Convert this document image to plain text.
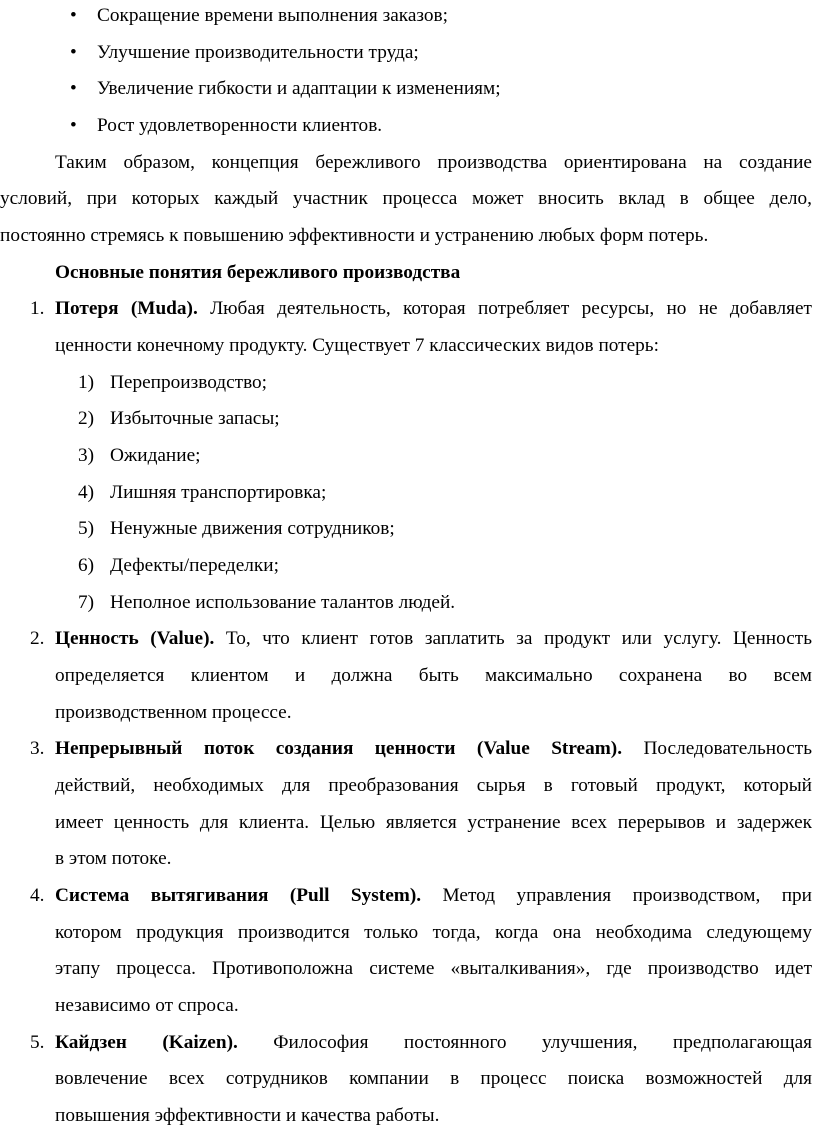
• Сокращение времени выполнения заказов;
• Улучшение производительности труда;
• Увеличение гибкости и адаптации к изменениям;
• Рост удовлетворенности клиентов.
Таким образом, концепция бережливого производства ориентирована на создание
условий, при которых каждый участник процесса может вносить вклад в общее дело,
постоянно стремясь к повышению эффективности и устранению любых форм потерь.
Основные понятия бережливого производства
1. Потеря (Muda). Любая деятельность, которая потребляет ресурсы, но не добавляет
ценности конечному продукту. Существует 7 классических видов потерь:
1) Перепроизводство;
2) Избыточные запасы;
3) Ожидание;
4) Лишняя транспортировка;
5) Ненужные движения сотрудников;
6) Дефекты/переделки;
7) Неполное использование талантов людей.
2. Ценность (Value). То, что клиент готов заплатить за продукт или услугу. Ценность
определяется клиентом и должна быть максимально сохранена во всем
производственном процессе.
3. Непрерывный поток создания ценности (Value Stream). Последовательность
действий, необходимых для преобразования сырья в готовый продукт, который
имеет ценность для клиента. Целью является устранение всех перерывов и задержек
в этом потоке.
4. Система вытягивания (Pull System). Метод управления производством, при
котором продукция производится только тогда, когда она необходима следующему
этапу процесса. Противоположна системе «выталкивания», где производство идет
независимо от спроса.
5. Кайдзен (Kaizen). Философия постоянного улучшения, предполагающая
вовлечение всех сотрудников компании в процесс поиска возможностей для
повышения эффективности и качества работы.
